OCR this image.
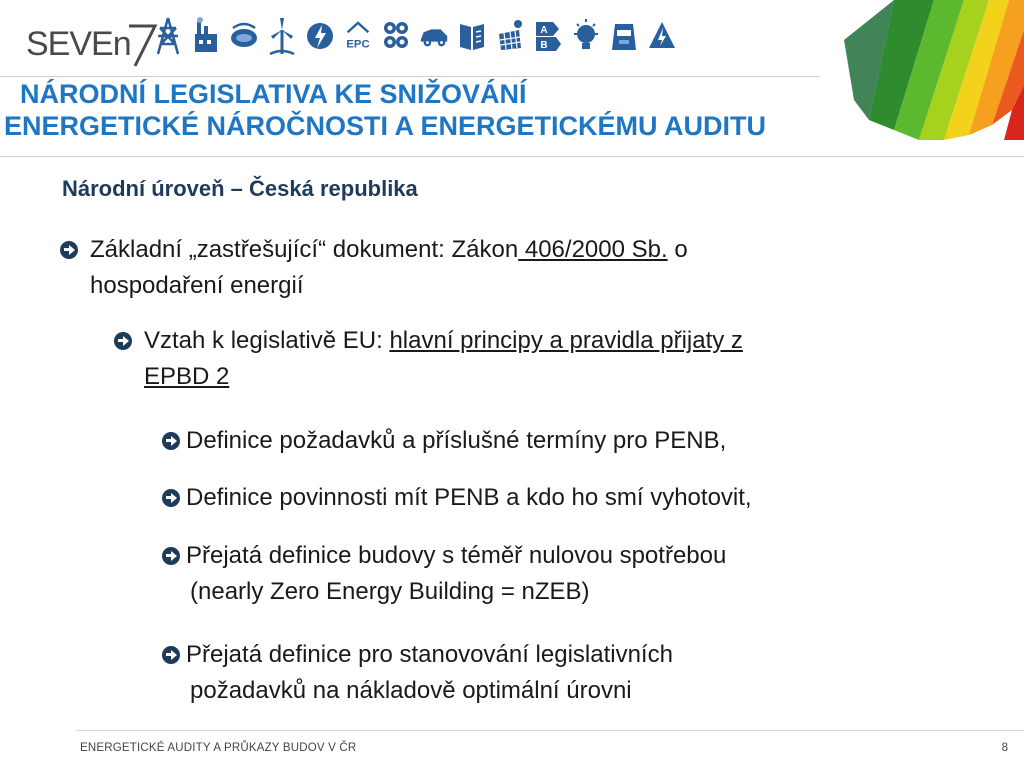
SEVEn	EPC
A
B
NÁRODNÍ LEGISLATIVA KE SNIŽOVÁNÍ
ENERGETICKÉ NÁROČNOSTI A ENERGETICKÉMU AUDITU
Národní úroveň – Česká republika
Základní „zastřešující“ dokument: Zákon 406/2000 Sb. o
hospodaření energií
Vztah k legislativě EU: hlavní principy a pravidla přijaty z
EPBD 2
Definice požadavků a příslušné termíny pro PENB,
Definice povinnosti mít PENB a kdo ho smí vyhotovit,
Přejatá definice budovy s téměř nulovou spotřebou
(nearly Zero Energy Building = nZEB)
Přejatá definice pro stanovování legislativních
požadavků na nákladově optimální úrovni
ENERGETICKÉ AUDITY A PRŮKAZY BUDOV V ČR	8
